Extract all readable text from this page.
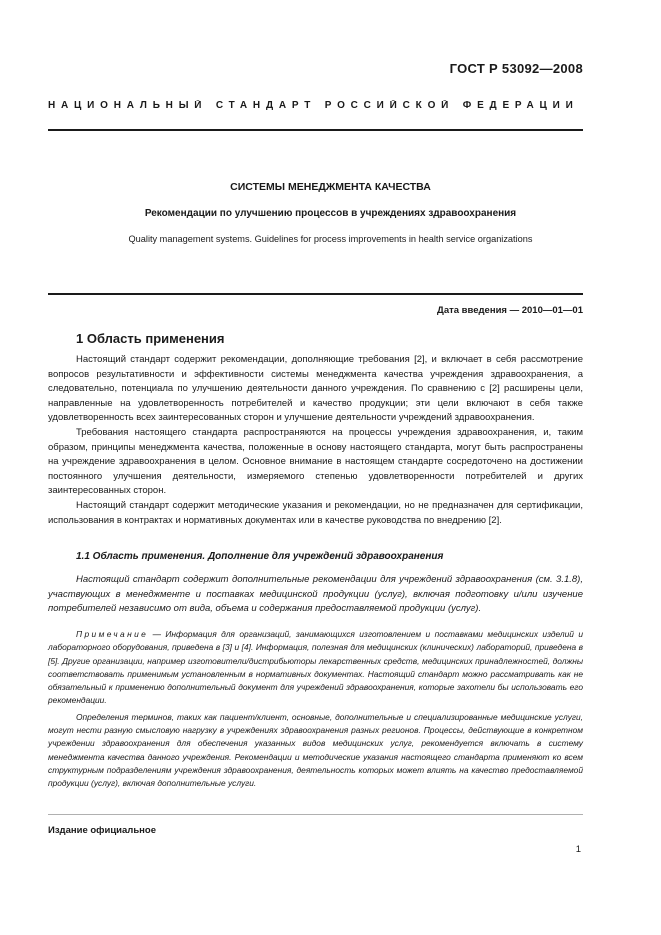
ГОСТ Р 53092—2008
НАЦИОНАЛЬНЫЙ СТАНДАРТ РОССИЙСКОЙ ФЕДЕРАЦИИ
СИСТЕМЫ МЕНЕДЖМЕНТА КАЧЕСТВА
Рекомендации по улучшению процессов в учреждениях здравоохранения
Quality management systems. Guidelines for process improvements in health service organizations
Дата введения — 2010—01—01
1 Область применения

Настоящий стандарт содержит рекомендации, дополняющие требования [2], и включает в себя рассмотрение вопросов результативности и эффективности системы менеджмента качества учреждения здравоохранения, а следовательно, потенциала по улучшению деятельности данного учреждения. По сравнению с [2] расширены цели, направленные на удовлетворенность потребителей и качество продукции; эти цели включают в себя также удовлетворенность всех заинтересованных сторон и улучшение деятельности учреждений здравоохранения.

Требования настоящего стандарта распространяются на процессы учреждения здравоохранения, и, таким образом, принципы менеджмента качества, положенные в основу настоящего стандарта, могут быть распространены на учреждение здравоохранения в целом. Основное внимание в настоящем стандарте сосредоточено на достижении постоянного улучшения деятельности, измеряемого степенью удовлетворенности потребителей и других заинтересованных сторон.

Настоящий стандарт содержит методические указания и рекомендации, но не предназначен для сертификации, использования в контрактах и нормативных документах или в качестве руководства по внедрению [2].

1.1 Область применения. Дополнение для учреждений здравоохранения

Настоящий стандарт содержит дополнительные рекомендации для учреждений здравоохранения (см. 3.1.8), участвующих в менеджменте и поставках медицинской продукции (услуг), включая подготовку и/или изучение потребителей независимо от вида, объема и содержания предоставляемой продукции (услуг).

Примечание — Информация для организаций, занимающихся изготовлением и поставками медицинских изделий и лабораторного оборудования, приведена в [3] и [4]. Информация, полезная для медицинских (клинических) лабораторий, приведена в [5]. Другие организации, например изготовители/дистрибьюторы лекарственных средств, медицинских принадлежностей, должны соответствовать применимым установленным в нормативных документах. Настоящий стандарт можно рассматривать как не обязательный к применению дополнительный документ для учреждений здравоохранения, которые захотели бы использовать его рекомендации.

Определения терминов, таких как пациент/клиент, основные, дополнительные и специализированные медицинские услуги, могут нести разную смысловую нагрузку в учреждениях здравоохранения разных регионов. Процессы, действующие в конкретном учреждении здравоохранения для обеспечения указанных видов медицинских услуг, рекомендуется включать в систему менеджмента качества данного учреждения. Рекомендации и методические указания настоящего стандарта применяют ко всем структурным подразделениям учреждения здравоохранения, деятельность которых может влиять на качество предоставляемой продукции (услуг), включая дополнительные услуги.

Издание официальное
1
